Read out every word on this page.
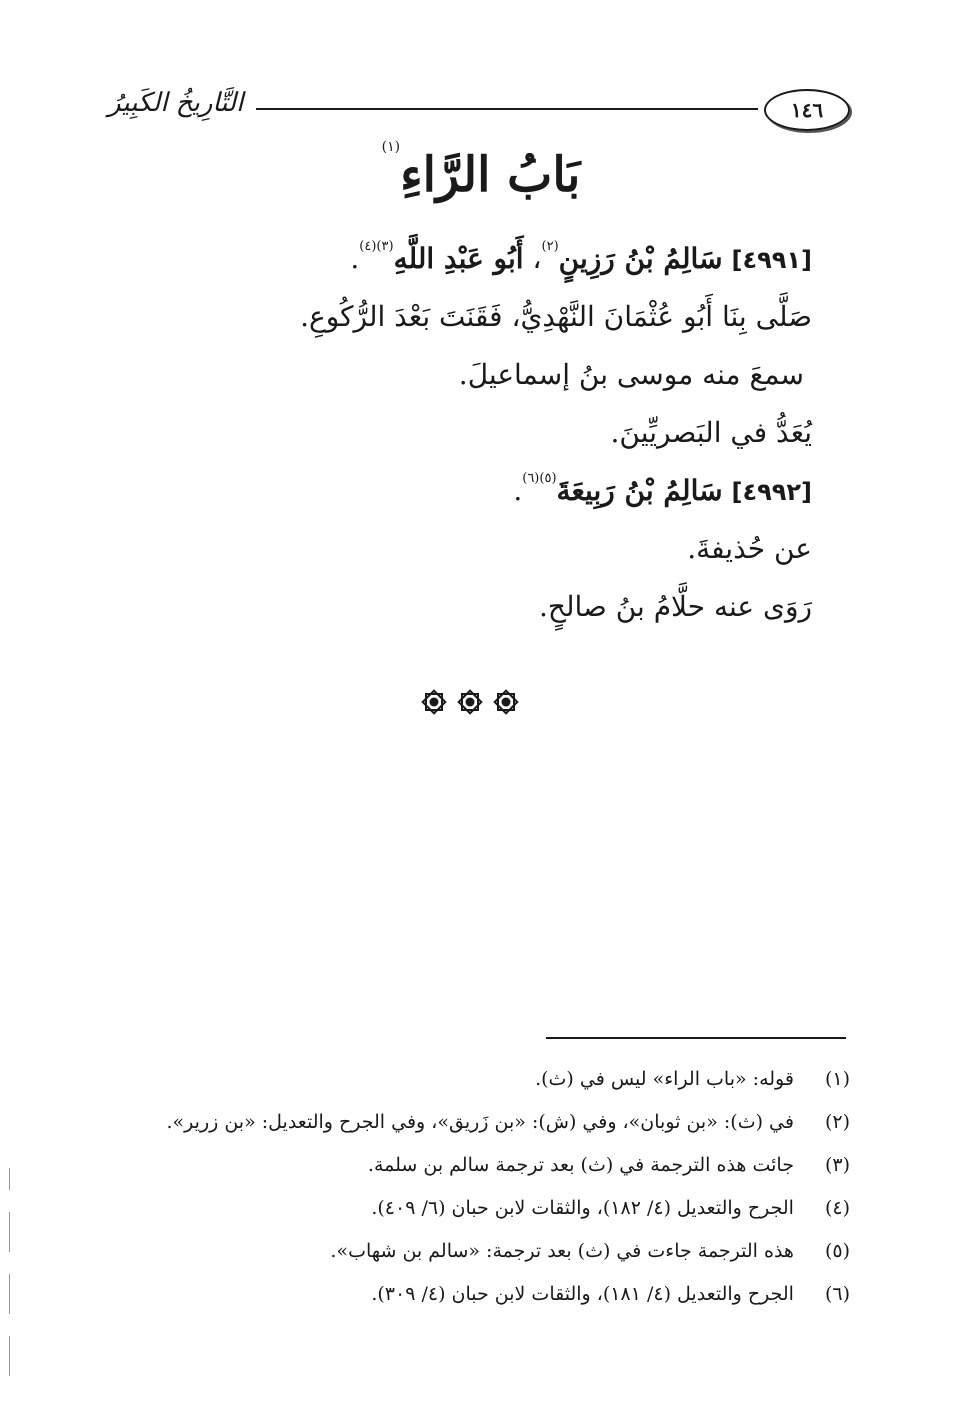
١٤٦
التَّارِيخُ الكَبِيرُ
بَابُ الرَّاءِ$^{(١)}$
[٤٩٩١] سَالِمُ بْنُ رَزِينٍ$^{(٢)}$، أَبُو عَبْدِ اللَّهِ$^{(٣)(٤)}$.
صَلَّى بِنَا أَبُو عُثْمَانَ النَّهْدِيُّ، فَقَنَتَ بَعْدَ الرُّكُوعِ.
سمعَ منه موسى بنُ إسماعيلَ.
يُعَدُّ في البَصريِّينَ.
[٤٩٩٢] سَالِمُ بْنُ رَبِيعَةَ$^{(٥)(٦)}$.
عن حُذيفةَ.
رَوَى عنه حلَّامُ بنُ صالحٍ.
(١) قوله: «باب الراء» ليس في (ث).
(٢) في (ث): «بن ثوبان»، وفي (ش): «بن زَريق»، وفي الجرح والتعديل: «بن زرير».
(٣) جائت هذه الترجمة في (ث) بعد ترجمة سالم بن سلمة.
(٤) الجرح والتعديل (٤/ ١٨٢)، والثقات لابن حبان (٦/ ٤٠٩).
(٥) هذه الترجمة جاءت في (ث) بعد ترجمة: «سالم بن شهاب».
(٦) الجرح والتعديل (٤/ ١٨١)، والثقات لابن حبان (٤/ ٣٠٩).
